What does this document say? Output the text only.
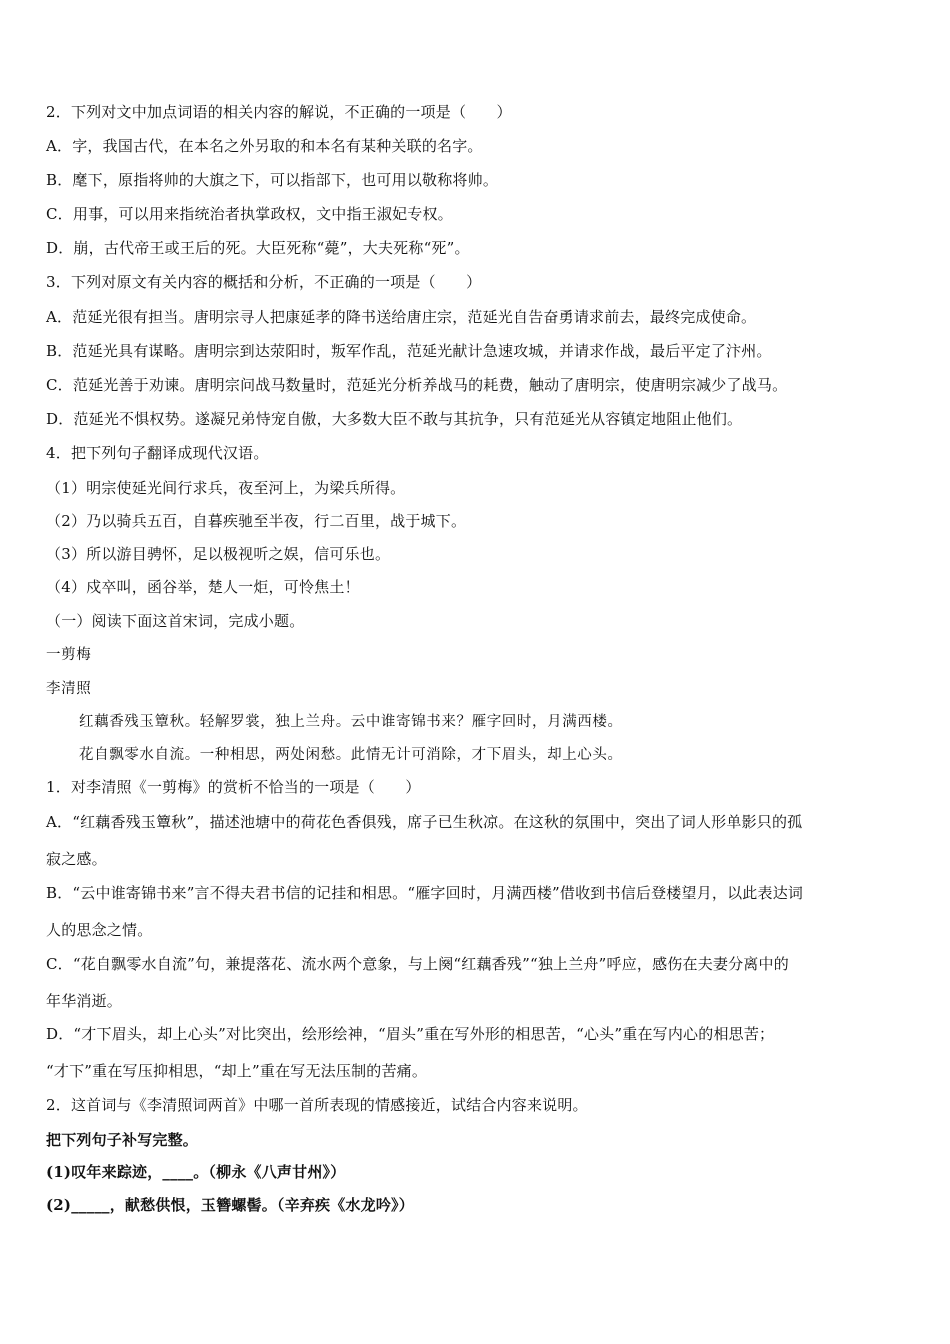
2．下列对文中加点词语的相关内容的解说，不正确的一项是（　　）
A．字，我国古代，在本名之外另取的和本名有某种关联的名字。
B．麾下，原指将帅的大旗之下，可以指部下，也可用以敬称将帅。
C．用事，可以用来指统治者执掌政权，文中指王淑妃专权。
D．崩，古代帝王或王后的死。大臣死称“薨”，大夫死称“死”。
3．下列对原文有关内容的概括和分析，不正确的一项是（　　）
A．范延光很有担当。唐明宗寻人把康延孝的降书送给唐庄宗，范延光自告奋勇请求前去，最终完成使命。
B．范延光具有谋略。唐明宗到达荥阳时，叛军作乱，范延光献计急速攻城，并请求作战，最后平定了汴州。
C．范延光善于劝谏。唐明宗问战马数量时，范延光分析养战马的耗费，触动了唐明宗，使唐明宗减少了战马。
D．范延光不惧权势。遂凝兄弟恃宠自傲，大多数大臣不敢与其抗争，只有范延光从容镇定地阻止他们。
4．把下列句子翻译成现代汉语。
（1）明宗使延光间行求兵，夜至河上，为梁兵所得。
（2）乃以骑兵五百，自暮疾驰至半夜，行二百里，战于城下。
（3）所以游目骋怀，足以极视听之娱，信可乐也。
（4）戍卒叫，函谷举，楚人一炬，可怜焦土！
（一）阅读下面这首宋词，完成小题。
一剪梅
李清照
红藕香残玉簟秋。轻解罗裳，独上兰舟。云中谁寄锦书来？雁字回时，月满西楼。
花自飘零水自流。一种相思，两处闲愁。此情无计可消除，才下眉头，却上心头。
1．对李清照《一剪梅》的赏析不恰当的一项是（　　）
A．“红藕香残玉簟秋”，描述池塘中的荷花色香俱残，席子已生秋凉。在这秋的氛围中，突出了词人形单影只的孤
寂之感。
B．“云中谁寄锦书来”言不得夫君书信的记挂和相思。“雁字回时，月满西楼”借收到书信后登楼望月，以此表达词
人的思念之情。
C．“花自飘零水自流”句，兼提落花、流水两个意象，与上阕“红藕香残”“独上兰舟”呼应，感伤在夫妻分离中的
年华消逝。
D．“才下眉头，却上心头”对比突出，绘形绘神，“眉头”重在写外形的相思苦，“心头”重在写内心的相思苦；
“才下”重在写压抑相思，“却上”重在写无法压制的苦痛。
2．这首词与《李清照词两首》中哪一首所表现的情感接近，试结合内容来说明。
把下列句子补写完整。
(1)叹年来踪迹，____。（柳永《八声甘州》）
(2)_____，献愁供恨，玉簪螺髻。（辛弃疾《水龙吟》）
